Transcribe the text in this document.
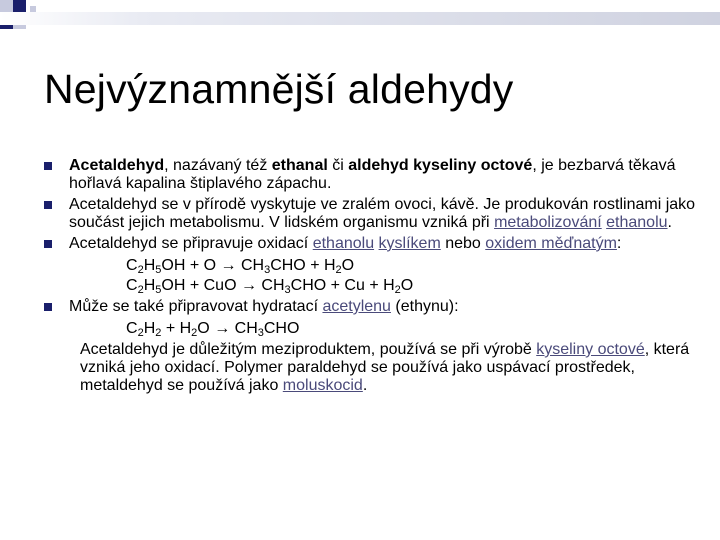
Nejvýznamnější aldehydy
Acetaldehyd, nazávaný též ethanal či aldehyd kyseliny octové, je bezbarvá těkavá hořlavá kapalina štiplavého zápachu.
Acetaldehyd se v přírodě vyskytuje ve zralém ovoci, kávě. Je produkován rostlinami jako součást jejich metabolismu. V lidském organismu vzniká při metabolizování ethanolu.
Acetaldehyd se připravuje oxidací ethanolu kyslíkem nebo oxidem měďnatým:
$C_2H_5OH + O \to CH_3CHO + H_2O$
$C_2H_5OH$ + CuO → $CH_3CHO + Cu + H_2O$
Může se také připravovat hydratací acetylenu (ethynu):
$C_2H_2 + H_2O \to CH_3CHO$
Acetaldehyd je důležitým meziproduktem, používá se při výrobě kyseliny octové, která vzniká jeho oxidací. Polymer paraldehyd se používá jako uspávací prostředek, metaldehyd se používá jako moluskocid.
